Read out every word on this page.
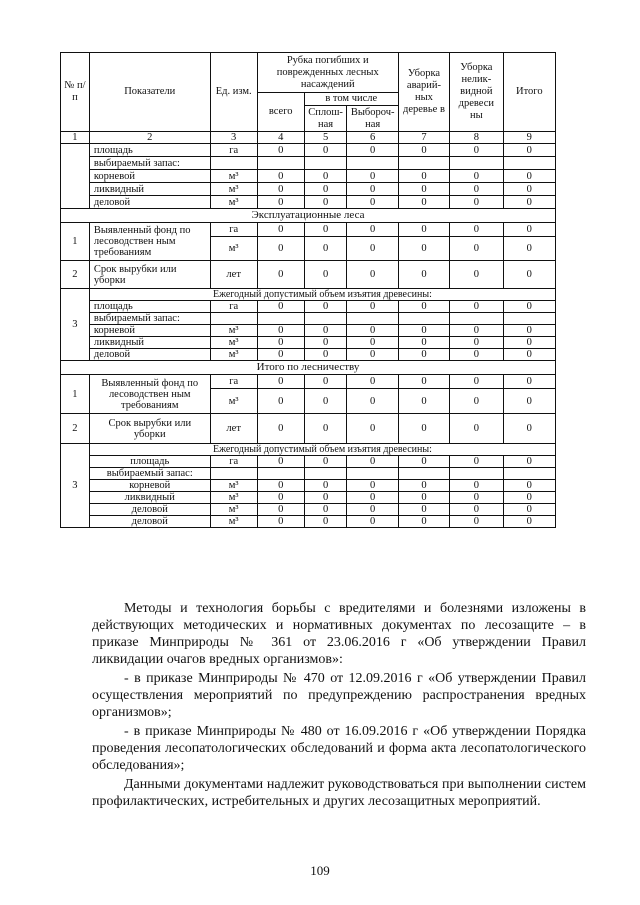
№ п/п	Показатели	Ед. изм.	Рубка погибших и поврежденных лесных насаждений			Уборка аварий-ных деревье в	Уборка нелик-видной древеси ны	Итого
			всего	в том числе				
				Сплош-ная	Выбороч-ная			
1	2	3	4	5	6	7	8	9
	площадь	га	0	0	0	0	0	0
	выбираемый запас:							
	корневой	м³	0	0	0	0	0	0
	ликвидный	м³	0	0	0	0	0	0
	деловой	м³	0	0	0	0	0	0
Эксплуатационные леса								
1	Выявленный фонд по лесоводствен ным требованиям	га	0	0	0	0	0	0
		м³	0	0	0	0	0	0
2	Срок вырубки или уборки	лет	0	0	0	0	0	0
3	Ежегодный допустимый объем изъятия древесины:							
	площадь	га	0	0	0	0	0	0
	выбираемый запас:							
	корневой	м³	0	0	0	0	0	0
	ликвидный	м³	0	0	0	0	0	0
	деловой	м³	0	0	0	0	0	0
Итого по лесничеству								
1	Выявленный фонд по лесоводствен ным требованиям	га	0	0	0	0	0	0
		м³	0	0	0	0	0	0
2	Срок вырубки или уборки	лет	0	0	0	0	0	0
3	Ежегодный допустимый объем изъятия древесины:							
	площадь	га	0	0	0	0	0	0
	выбираемый запас:							
	корневой	м³	0	0	0	0	0	0
	ликвидный	м³	0	0	0	0	0	0
	деловой	м³	0	0	0	0	0	0
	деловой	м³	0	0	0	0	0	0

Методы и технология борьбы с вредителями и болезнями изложены в действующих методических и нормативных документах по лесозащите – в приказе Минприроды № 361 от 23.06.2016 г «Об утверждении Правил ликвидации очагов вредных организмов»:

- в приказе Минприроды № 470 от 12.09.2016 г «Об утверждении Правил осуществления мероприятий по предупреждению распространения вредных организмов»;

- в приказе Минприроды № 480 от 16.09.2016 г «Об утверждении Порядка проведения лесопатологических обследований и форма акта лесопатологического обследования»;

Данными документами надлежит руководствоваться при выполнении систем профилактических, истребительных и других лесозащитных мероприятий.

109
